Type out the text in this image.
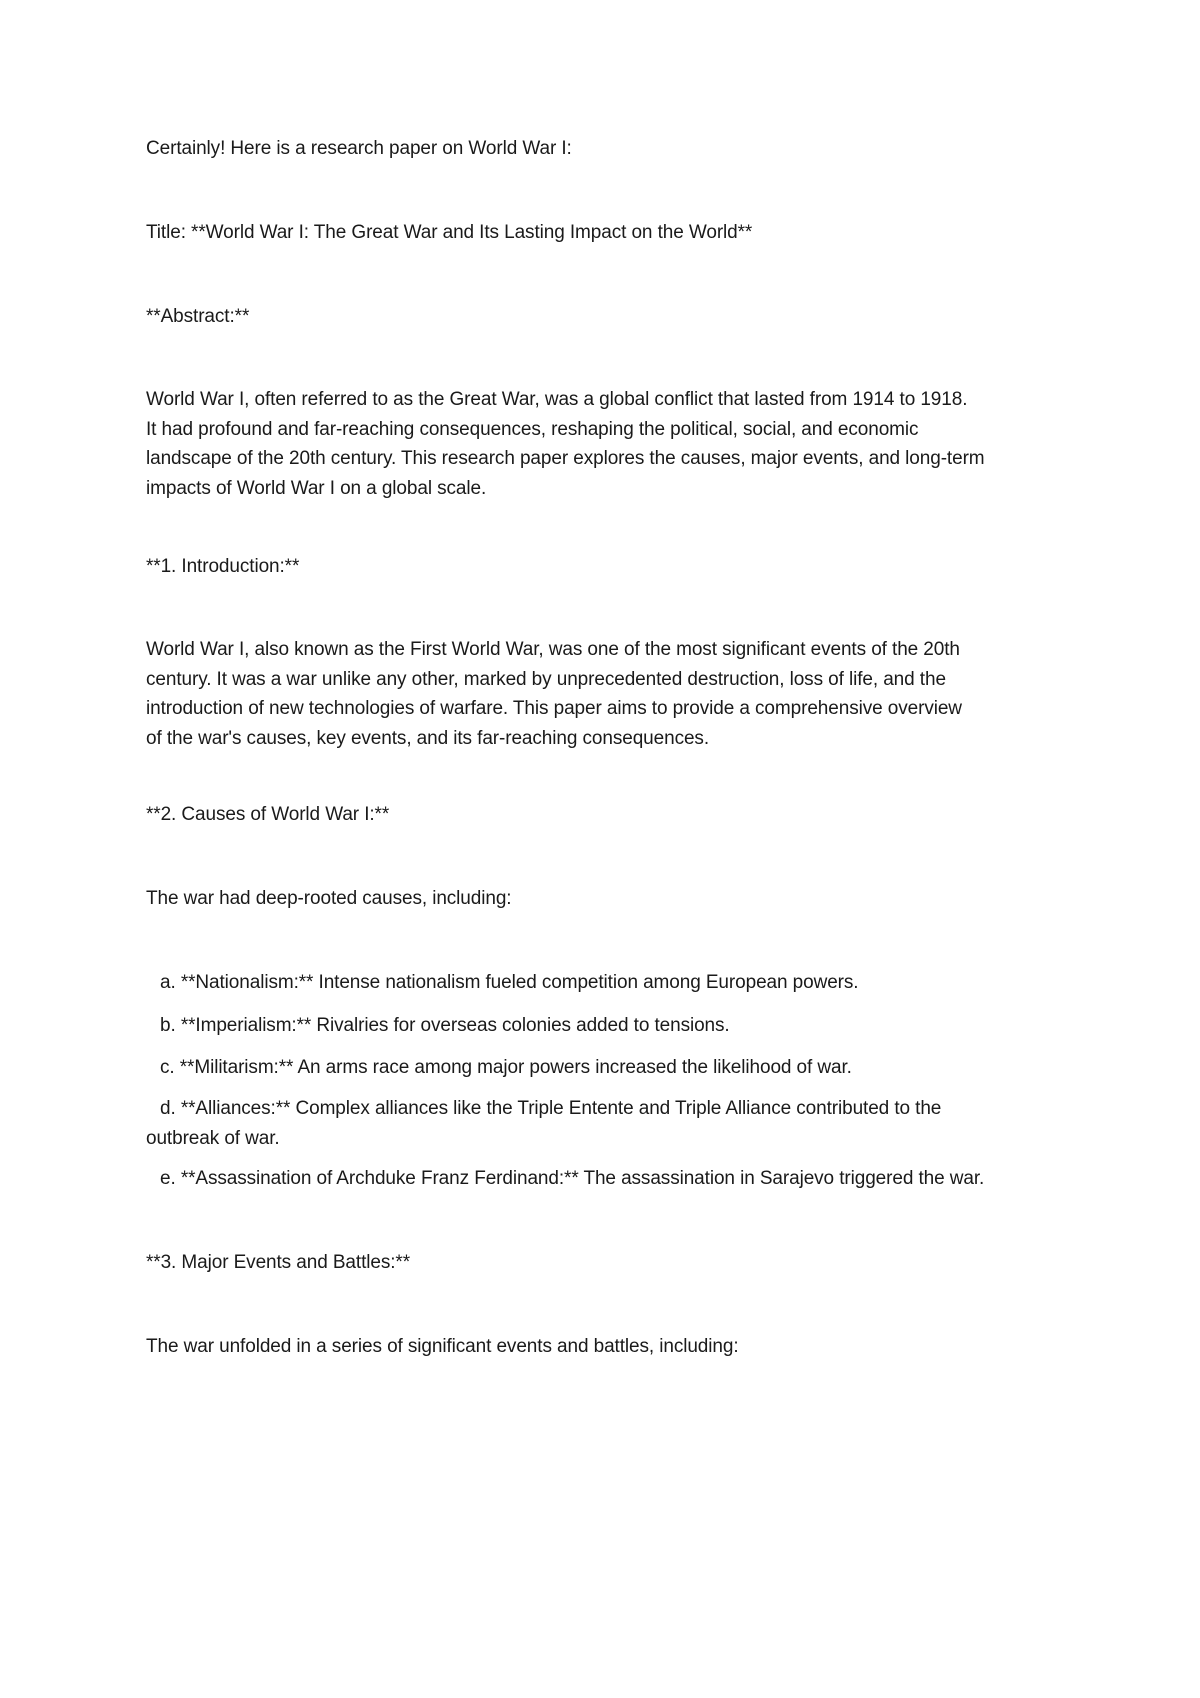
Certainly! Here is a research paper on World War I:
Title: **World War I: The Great War and Its Lasting Impact on the World**
**Abstract:**
World War I, often referred to as the Great War, was a global conflict that lasted from 1914 to 1918.
It had profound and far-reaching consequences, reshaping the political, social, and economic
landscape of the 20th century. This research paper explores the causes, major events, and long-term
impacts of World War I on a global scale.
**1. Introduction:**
World War I, also known as the First World War, was one of the most significant events of the 20th
century. It was a war unlike any other, marked by unprecedented destruction, loss of life, and the
introduction of new technologies of warfare. This paper aims to provide a comprehensive overview
of the war's causes, key events, and its far-reaching consequences.
**2. Causes of World War I:**
The war had deep-rooted causes, including:
a. **Nationalism:** Intense nationalism fueled competition among European powers.
b. **Imperialism:** Rivalries for overseas colonies added to tensions.
c. **Militarism:** An arms race among major powers increased the likelihood of war.
d. **Alliances:** Complex alliances like the Triple Entente and Triple Alliance contributed to the
outbreak of war.
e. **Assassination of Archduke Franz Ferdinand:** The assassination in Sarajevo triggered the war.
**3. Major Events and Battles:**
The war unfolded in a series of significant events and battles, including:
